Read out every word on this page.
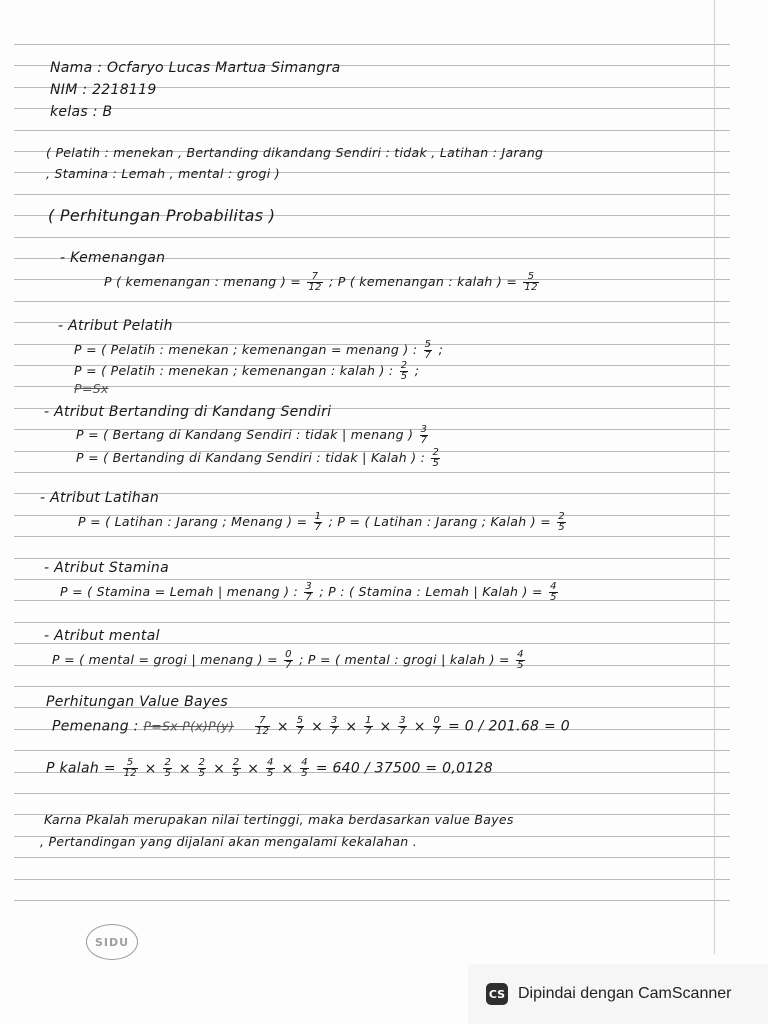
Nama : Ocfaryo Lucas Martua Simangra
NIM : 2218119
kelas : B
( Pelatih : menekan , Bertanding dikandang Sendiri : tidak , Latihan : Jarang
, Stamina : Lemah , mental : grogi )
( Perhitungan Probabilitas )
- Kemenangan
P ( kemenangan : menang ) = $\frac{7}{12}$ ; P ( kemenangan : kalah ) = $\frac{5}{12}$
- Atribut Pelatih
P = ( Pelatih : menekan ; kemenangan = menang ) : $\frac{5}{7}$ ;
P = ( Pelatih : menekan ; kemenangan : kalah ) : $\frac{2}{5}$ ;
P=Sx
- Atribut Bertanding di Kandang Sendiri
P = ( Bertang di Kandang Sendiri : tidak | menang ) $\frac{3}{7}$
P = ( Bertanding di Kandang Sendiri : tidak | Kalah ) : $\frac{2}{5}$
- Atribut Latihan
P = ( Latihan : Jarang ; Menang ) = $\frac{1}{7}$ ; P = ( Latihan : Jarang ; Kalah ) = $\frac{2}{5}$
- Atribut Stamina
P = ( Stamina = Lemah | menang ) : $\frac{3}{7}$ ; P : ( Stamina : Lemah | Kalah ) = $\frac{4}{5}$
- Atribut mental
P = ( mental = grogi | menang ) = $\frac{0}{7}$ ; P = ( mental : grogi | kalah ) = $\frac{4}{5}$
Perhitungan Value Bayes
Pemenang : P=Sx $P(x)P(y) \frac{7}{12} \times \frac{5}{7} \times \frac{3}{7} \times \frac{1}{7} \times \frac{3}{7} \times \frac{0}{7} = 0 / 201.68 = 0$
P kalah = $\frac{5}{12} \times \frac{2}{5} \times \frac{2}{5} \times \frac{2}{5} \times \frac{4}{5} \times \frac{4}{5} = 640 / 37500 = 0,0128$
Karna Pkalah merupakan nilai tertinggi, maka berdasarkan value Bayes
, Pertandingan yang dijalani akan mengalami kekalahan .
SIDU
CS Dipindai dengan CamScanner
